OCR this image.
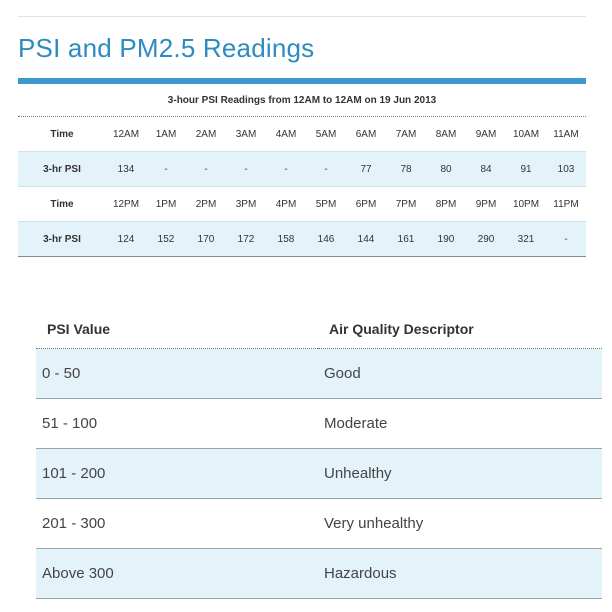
PSI and PM2.5 Readings
3-hour PSI Readings from 12AM to 12AM on 19 Jun 2013
Time	12AM	1AM	2AM	3AM	4AM	5AM	6AM	7AM	8AM	9AM	10AM	11AM
3-hr PSI	134	-	-	-	-	-	77	78	80	84	91	103
Time	12PM	1PM	2PM	3PM	4PM	5PM	6PM	7PM	8PM	9PM	10PM	11PM
3-hr PSI	124	152	170	172	158	146	144	161	190	290	321	-
PSI Value	Air Quality Descriptor
0 - 50	Good
51 - 100	Moderate
101 - 200	Unhealthy
201 - 300	Very unhealthy
Above 300	Hazardous
